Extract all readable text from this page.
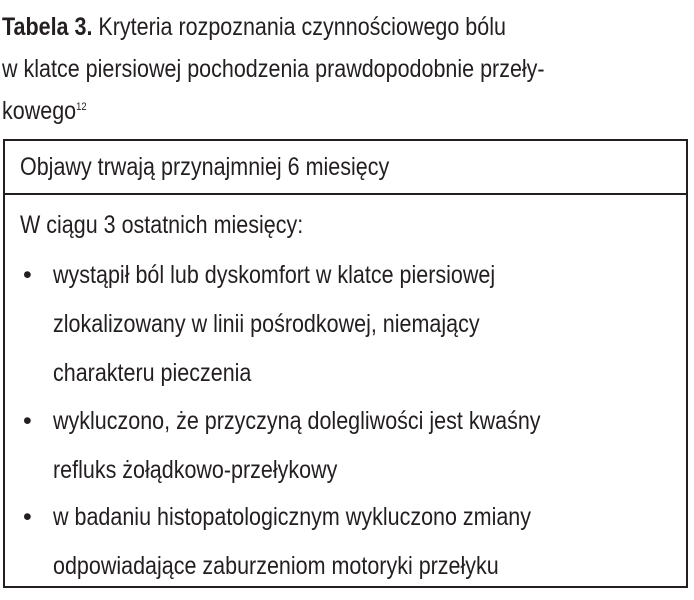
Tabela 3. Kryteria rozpoznania czynnościowego bólu
w klatce piersiowej pochodzenia prawdopodobnie przeły-
kowego$^{12}$
Objawy trwają przynajmniej 6 miesięcy
W ciągu 3 ostatnich miesięcy:
• wystąpił ból lub dyskomfort w klatce piersiowej
zlokalizowany w linii pośrodkowej, niemający
charakteru pieczenia
• wykluczono, że przyczyną dolegliwości jest kwaśny
refluks żołądkowo-przełykowy
• w badaniu histopatologicznym wykluczono zmiany
odpowiadające zaburzeniom motoryki przełyku
